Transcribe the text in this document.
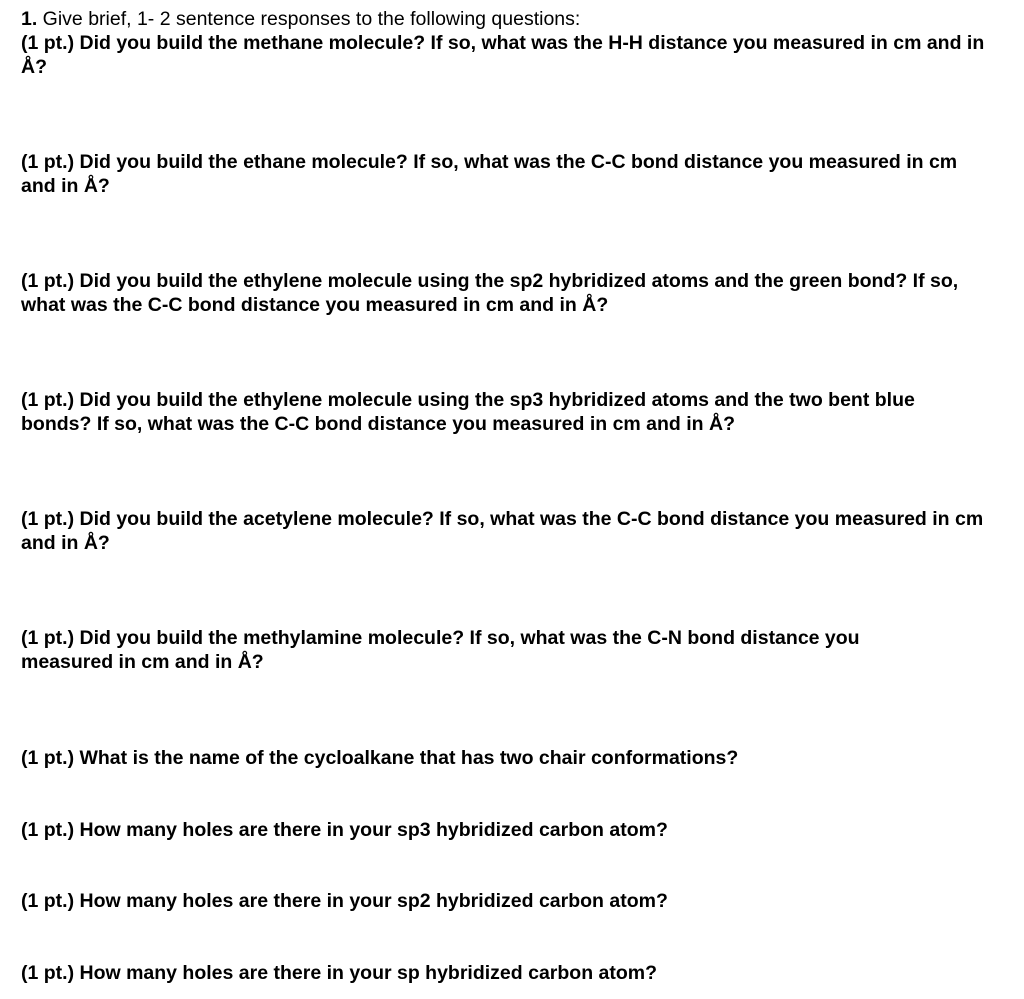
1. Give brief, 1- 2 sentence responses to the following questions:
(1 pt.) Did you build the methane molecule? If so, what was the H-H distance you measured in cm and in Å?
(1 pt.) Did you build the ethane molecule? If so, what was the C-C bond distance you measured in cm and in Å?
(1 pt.) Did you build the ethylene molecule using the sp2 hybridized atoms and the green bond? If so, what was the C-C bond distance you measured in cm and in Å?
(1 pt.) Did you build the ethylene molecule using the sp3 hybridized atoms and the two bent blue bonds? If so, what was the C-C bond distance you measured in cm and in Å?
(1 pt.) Did you build the acetylene molecule? If so, what was the C-C bond distance you measured in cm and in Å?
(1 pt.) Did you build the methylamine molecule? If so, what was the C-N bond distance you measured in cm and in Å?
(1 pt.) What is the name of the cycloalkane that has two chair conformations?
(1 pt.) How many holes are there in your sp3 hybridized carbon atom?
(1 pt.) How many holes are there in your sp2 hybridized carbon atom?
(1 pt.) How many holes are there in your sp hybridized carbon atom?
